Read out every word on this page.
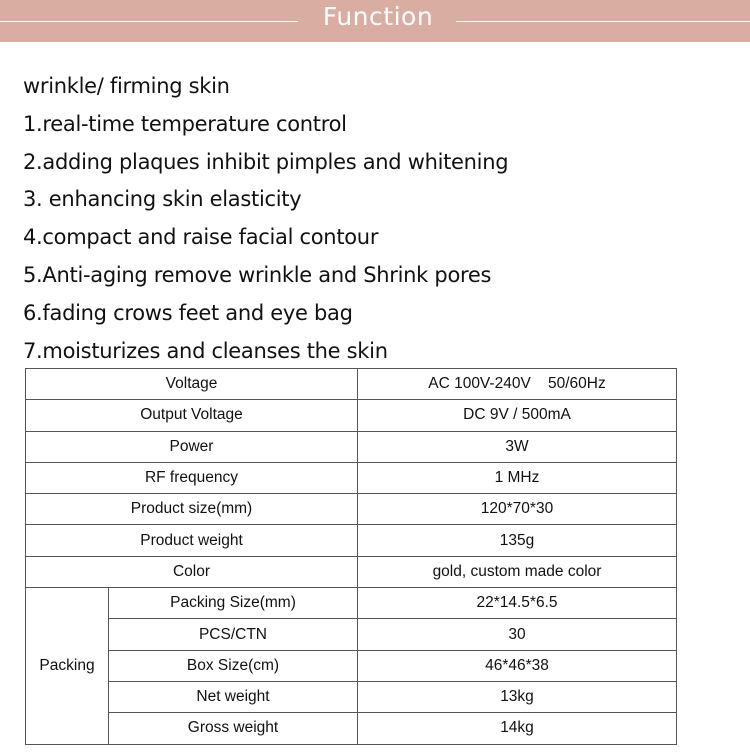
Function
wrinkle/ firming skin
1.real-time temperature control
2.adding plaques inhibit pimples and whitening
3. enhancing skin elasticity
4.compact and raise facial contour
5.Anti-aging remove wrinkle and Shrink pores
6.fading crows feet and eye bag
7.moisturizes and cleanses the skin
Voltage		AC 100V-240V    50/60Hz
Output Voltage		DC 9V / 500mA
Power		3W
RF frequency		1 MHz
Product size(mm)		120*70*30
Product weight		135g
Color		gold, custom made color
Packing	Packing Size(mm)	22*14.5*6.5
	PCS/CTN	30
	Box Size(cm)	46*46*38
	Net weight	13kg
	Gross weight	14kg
